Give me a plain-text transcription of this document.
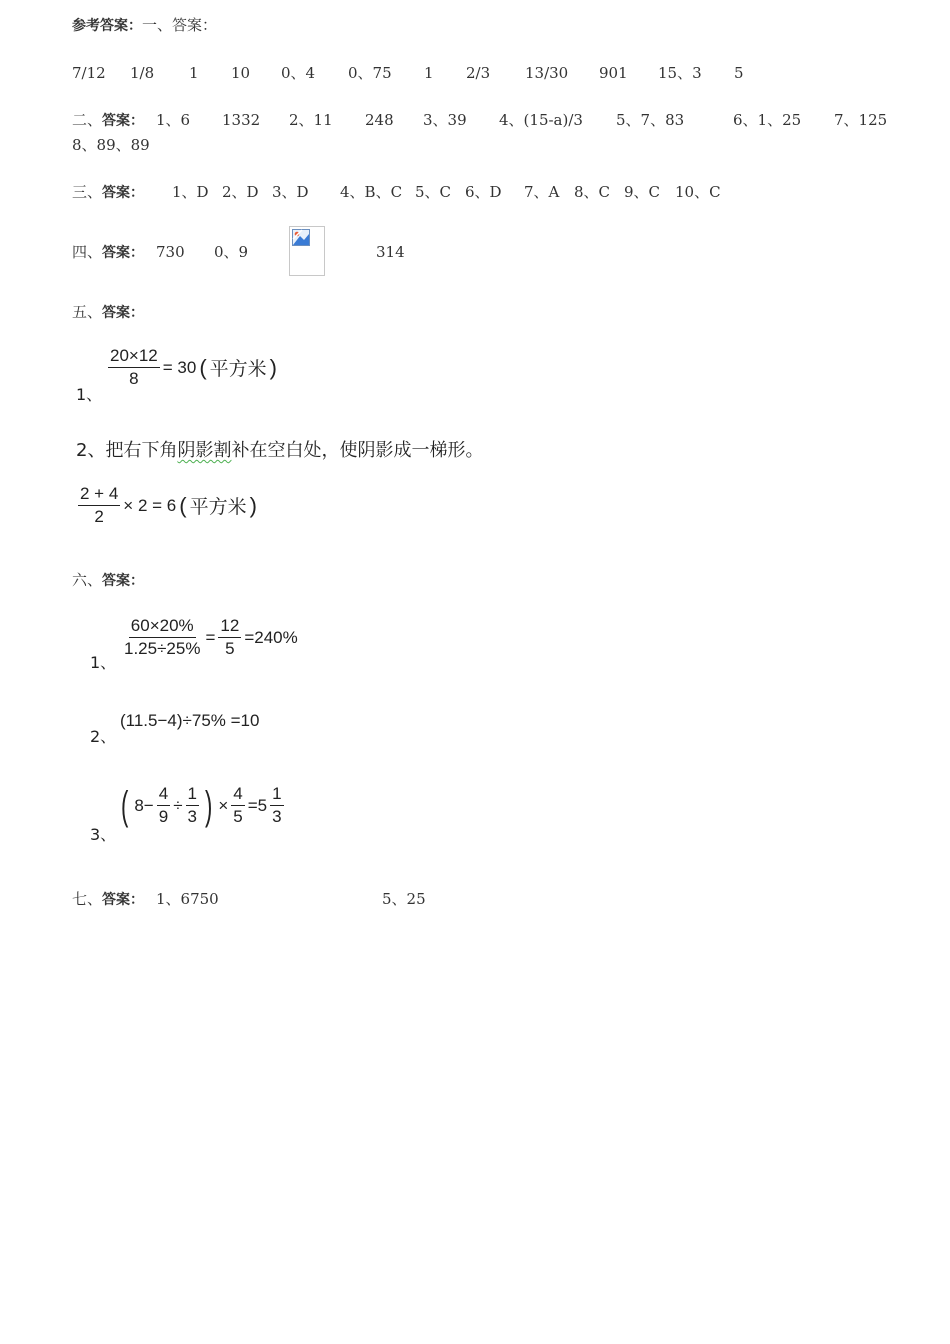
参考答案：一、答案：
7/12 1/8 1 10 0、4 0、75 1 2/3 13/30 901 15、3 5
二、答案： 1、6 1332 2、11 248 3、39 4、(15-a)/3 5、7、83	6、1、25 7、125
8、89、89
三、答案： 1、D 2、D 3、D 4、B、C 5、C 6、D 7、A 8、C 9、C 10、C
四、答案： 730 0、9	314
五、答案：
1、
$\frac{20\times 12}{8} = 30$ ( 平方米 )
2、把右下角阴影割补在空白处，使阴影成一梯形。
$\frac{2 + 4}{2} \times 2 = 6$ ( 平方米 )
六、答案：
1、
$\frac{60\times 20\%}{1.25\div 25\%} = \frac{12}{5} =240\%$
2、
(11.5−4)÷75% =10
3、
( $8- \frac{4}{9} \div \frac{1}{3}$ ) × $\frac{4}{5} =5 \frac{1}{3}$
七、答案： 1、6750	5、25
